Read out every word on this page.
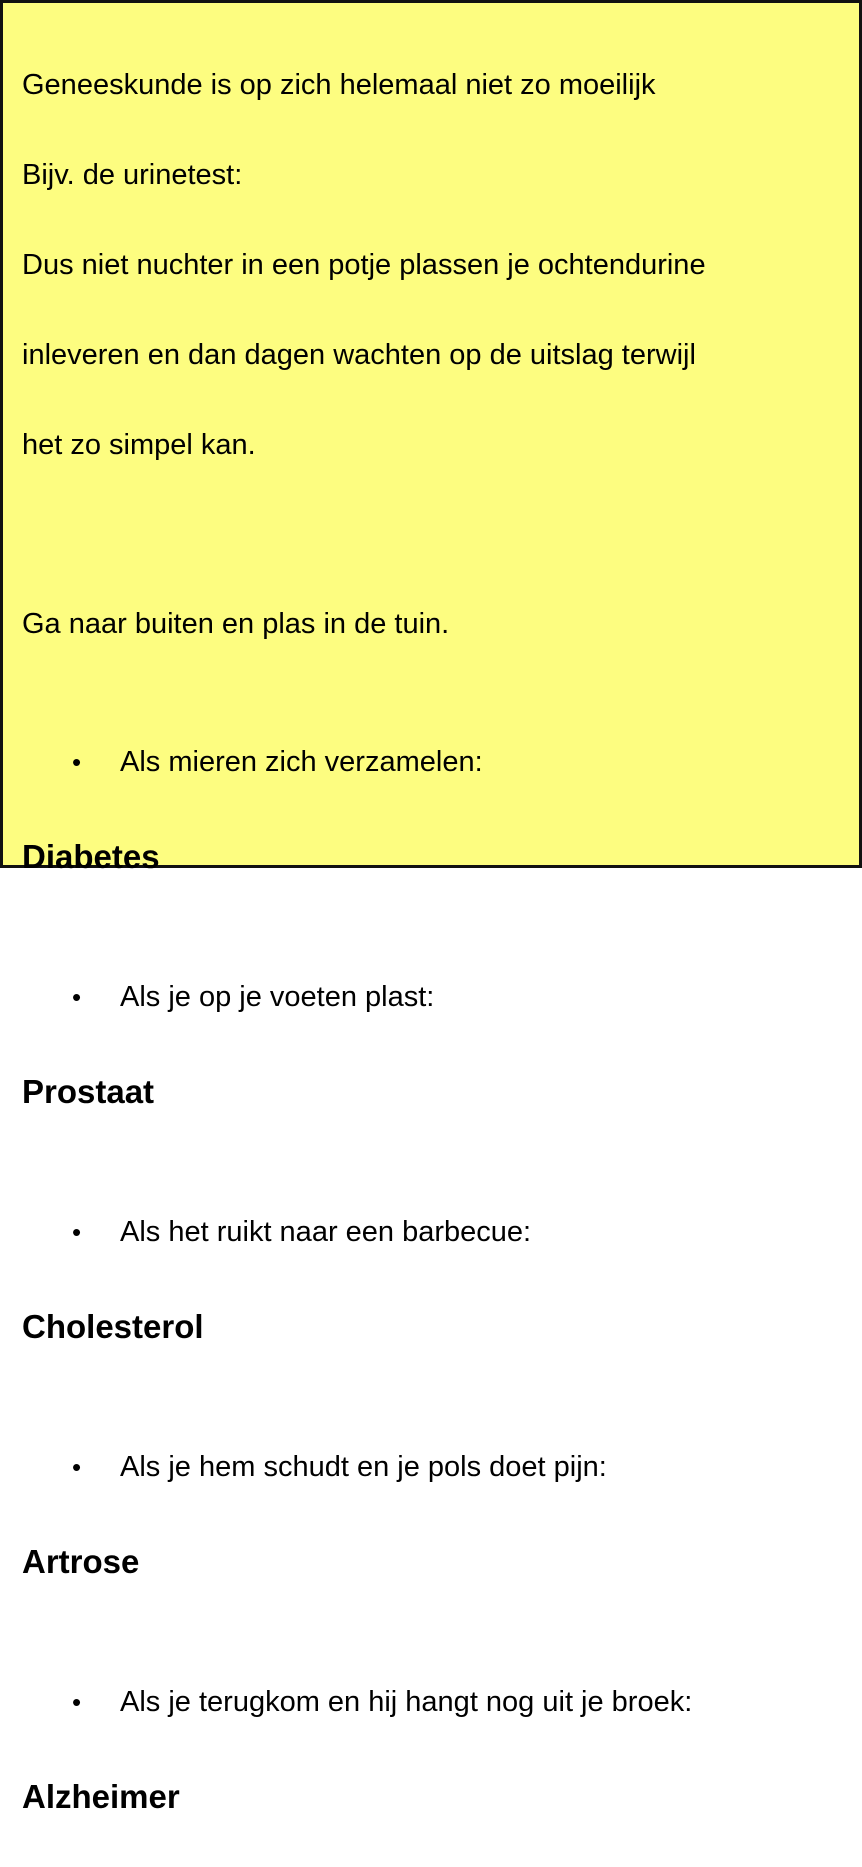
Geneeskunde is op zich helemaal niet zo moeilijk

Bijv. de urinetest:

Dus niet nuchter in een potje plassen je ochtendurine

inleveren en dan dagen wachten op de uitslag terwijl

het zo simpel kan.

Ga naar buiten en plas in de tuin.

• Als mieren zich verzamelen:

Diabetes

• Als je op je voeten plast:

Prostaat

• Als het ruikt naar een barbecue:

Cholesterol

• Als je hem schudt en je pols doet pijn:

Artrose

• Als je terugkom en hij hangt nog uit je broek:

Alzheimer
